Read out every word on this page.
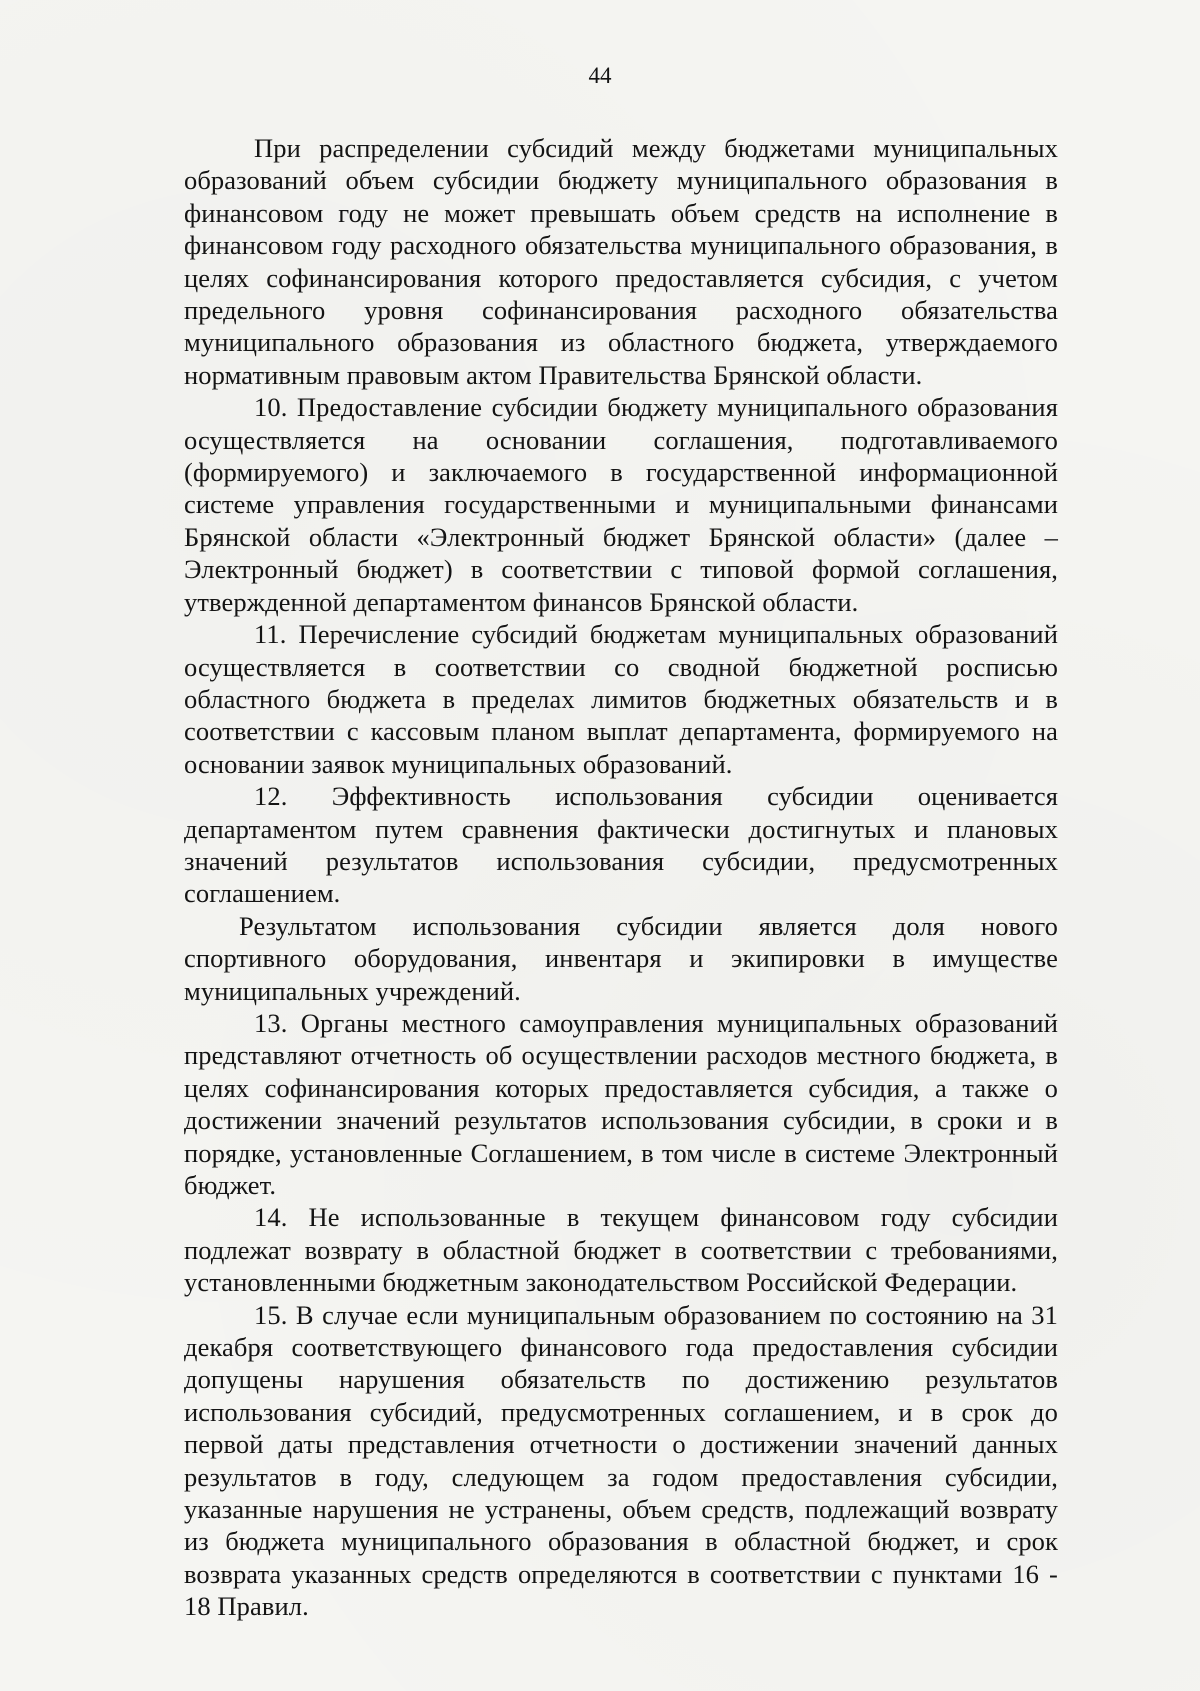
44

При распределении субсидий между бюджетами муниципальных образований объем субсидии бюджету муниципального образования в финансовом году не может превышать объем средств на исполнение в финансовом году расходного обязательства муниципального образования, в целях софинансирования которого предоставляется субсидия, с учетом предельного уровня софинансирования расходного обязательства муниципального образования из областного бюджета, утверждаемого нормативным правовым актом Правительства Брянской области.

10. Предоставление субсидии бюджету муниципального образования осуществляется на основании соглашения, подготавливаемого (формируемого) и заключаемого в государственной информационной системе управления государственными и муниципальными финансами Брянской области «Электронный бюджет Брянской области» (далее – Электронный бюджет) в соответствии с типовой формой соглашения, утвержденной департаментом финансов Брянской области.

11. Перечисление субсидий бюджетам муниципальных образований осуществляется в соответствии со сводной бюджетной росписью областного бюджета в пределах лимитов бюджетных обязательств и в соответствии с кассовым планом выплат департамента, формируемого на основании заявок муниципальных образований.

12. Эффективность использования субсидии оценивается департаментом путем сравнения фактически достигнутых и плановых значений результатов использования субсидии, предусмотренных соглашением.

Результатом использования субсидии является доля нового спортивного оборудования, инвентаря и экипировки в имуществе муниципальных учреждений.

13. Органы местного самоуправления муниципальных образований представляют отчетность об осуществлении расходов местного бюджета, в целях софинансирования которых предоставляется субсидия, а также о достижении значений результатов использования субсидии, в сроки и в порядке, установленные Соглашением, в том числе в системе Электронный бюджет.

14. Не использованные в текущем финансовом году субсидии подлежат возврату в областной бюджет в соответствии с требованиями, установленными бюджетным законодательством Российской Федерации.

15. В случае если муниципальным образованием по состоянию на 31 декабря соответствующего финансового года предоставления субсидии допущены нарушения обязательств по достижению результатов использования субсидий, предусмотренных соглашением, и в срок до первой даты представления отчетности о достижении значений данных результатов в году, следующем за годом предоставления субсидии, указанные нарушения не устранены, объем средств, подлежащий возврату из бюджета муниципального образования в областной бюджет, и срок возврата указанных средств определяются в соответствии с пунктами 16 - 18 Правил.
